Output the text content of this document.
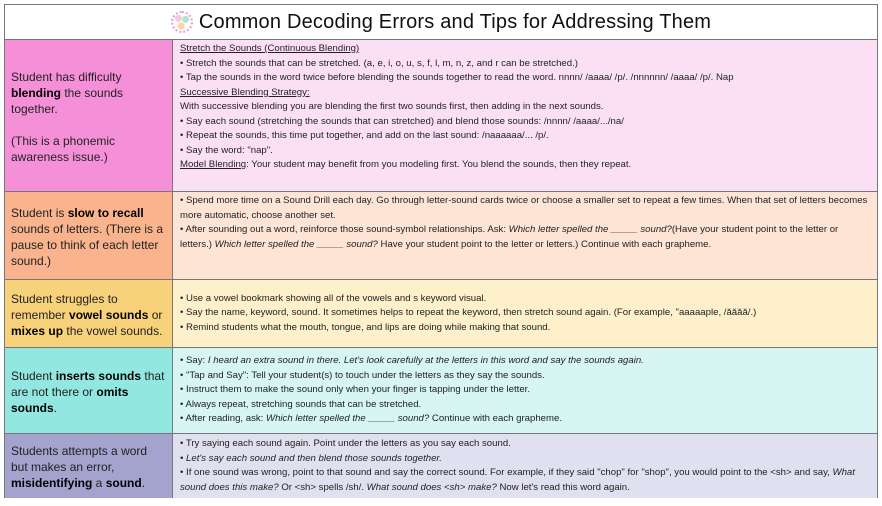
Common Decoding Errors and Tips for Addressing Them

Student has difficulty blending the sounds together.

(This is a phonemic awareness issue.)

Stretch the Sounds (Continuous Blending)
• Stretch the sounds that can be stretched. (a, e, i, o, u, s, f, l, m, n, z, and r can be stretched.)
• Tap the sounds in the word twice before blending the sounds together to read the word. nnnn/ /aaaa/ /p/. /nnnnnn/ /aaaa/ /p/. Nap
Successive Blending Strategy:
With successive blending you are blending the first two sounds first, then adding in the next sounds.
• Say each sound (stretching the sounds that can stretched) and blend those sounds: /nnnn/ /aaaa/.../na/
• Repeat the sounds, this time put together, and add on the last sound: /naaaaaa/... /p/.
• Say the word: "nap".
Model Blending: Your student may benefit from you modeling first. You blend the sounds, then they repeat.

Student is slow to recall sounds of letters. (There is a pause to think of each letter sound.)

• Spend more time on a Sound Drill each day. Go through letter-sound cards twice or choose a smaller set to repeat a few times. When that set of letters becomes more automatic, choose another set.
• After sounding out a word, reinforce those sound-symbol relationships. Ask: Which letter spelled the _____ sound?(Have your student point to the letter or letters.) Which letter spelled the _____ sound? Have your student point to the letter or letters.) Continue with each grapheme.

Student struggles to remember vowel sounds or mixes up the vowel sounds.

• Use a vowel bookmark showing all of the vowels and s keyword visual.
• Say the name, keyword, sound. It sometimes helps to repeat the keyword, then stretch sound again. (For example, "aaaaaple, /ăăăă/.)
• Remind students what the mouth, tongue, and lips are doing while making that sound.

Student inserts sounds that are not there or omits sounds.

• Say: I heard an extra sound in there. Let's look carefully at the letters in this word and say the sounds again.
• "Tap and Say": Tell your student(s) to touch under the letters as they say the sounds.
• Instruct them to make the sound only when your finger is tapping under the letter.
• Always repeat, stretching sounds that can be stretched.
• After reading, ask: Which letter spelled the _____ sound? Continue with each grapheme.

Students attempts a word but makes an error, misidentifying a sound.

• Try saying each sound again. Point under the letters as you say each sound.
• Let's say each sound and then blend those sounds together.
• If one sound was wrong, point to that sound and say the correct sound. For example, if they said "chop" for "shop", you would point to the <sh> and say, What sound does this make? Or <sh> spells /sh/. What sound does <sh> make? Now let's read this word again.
